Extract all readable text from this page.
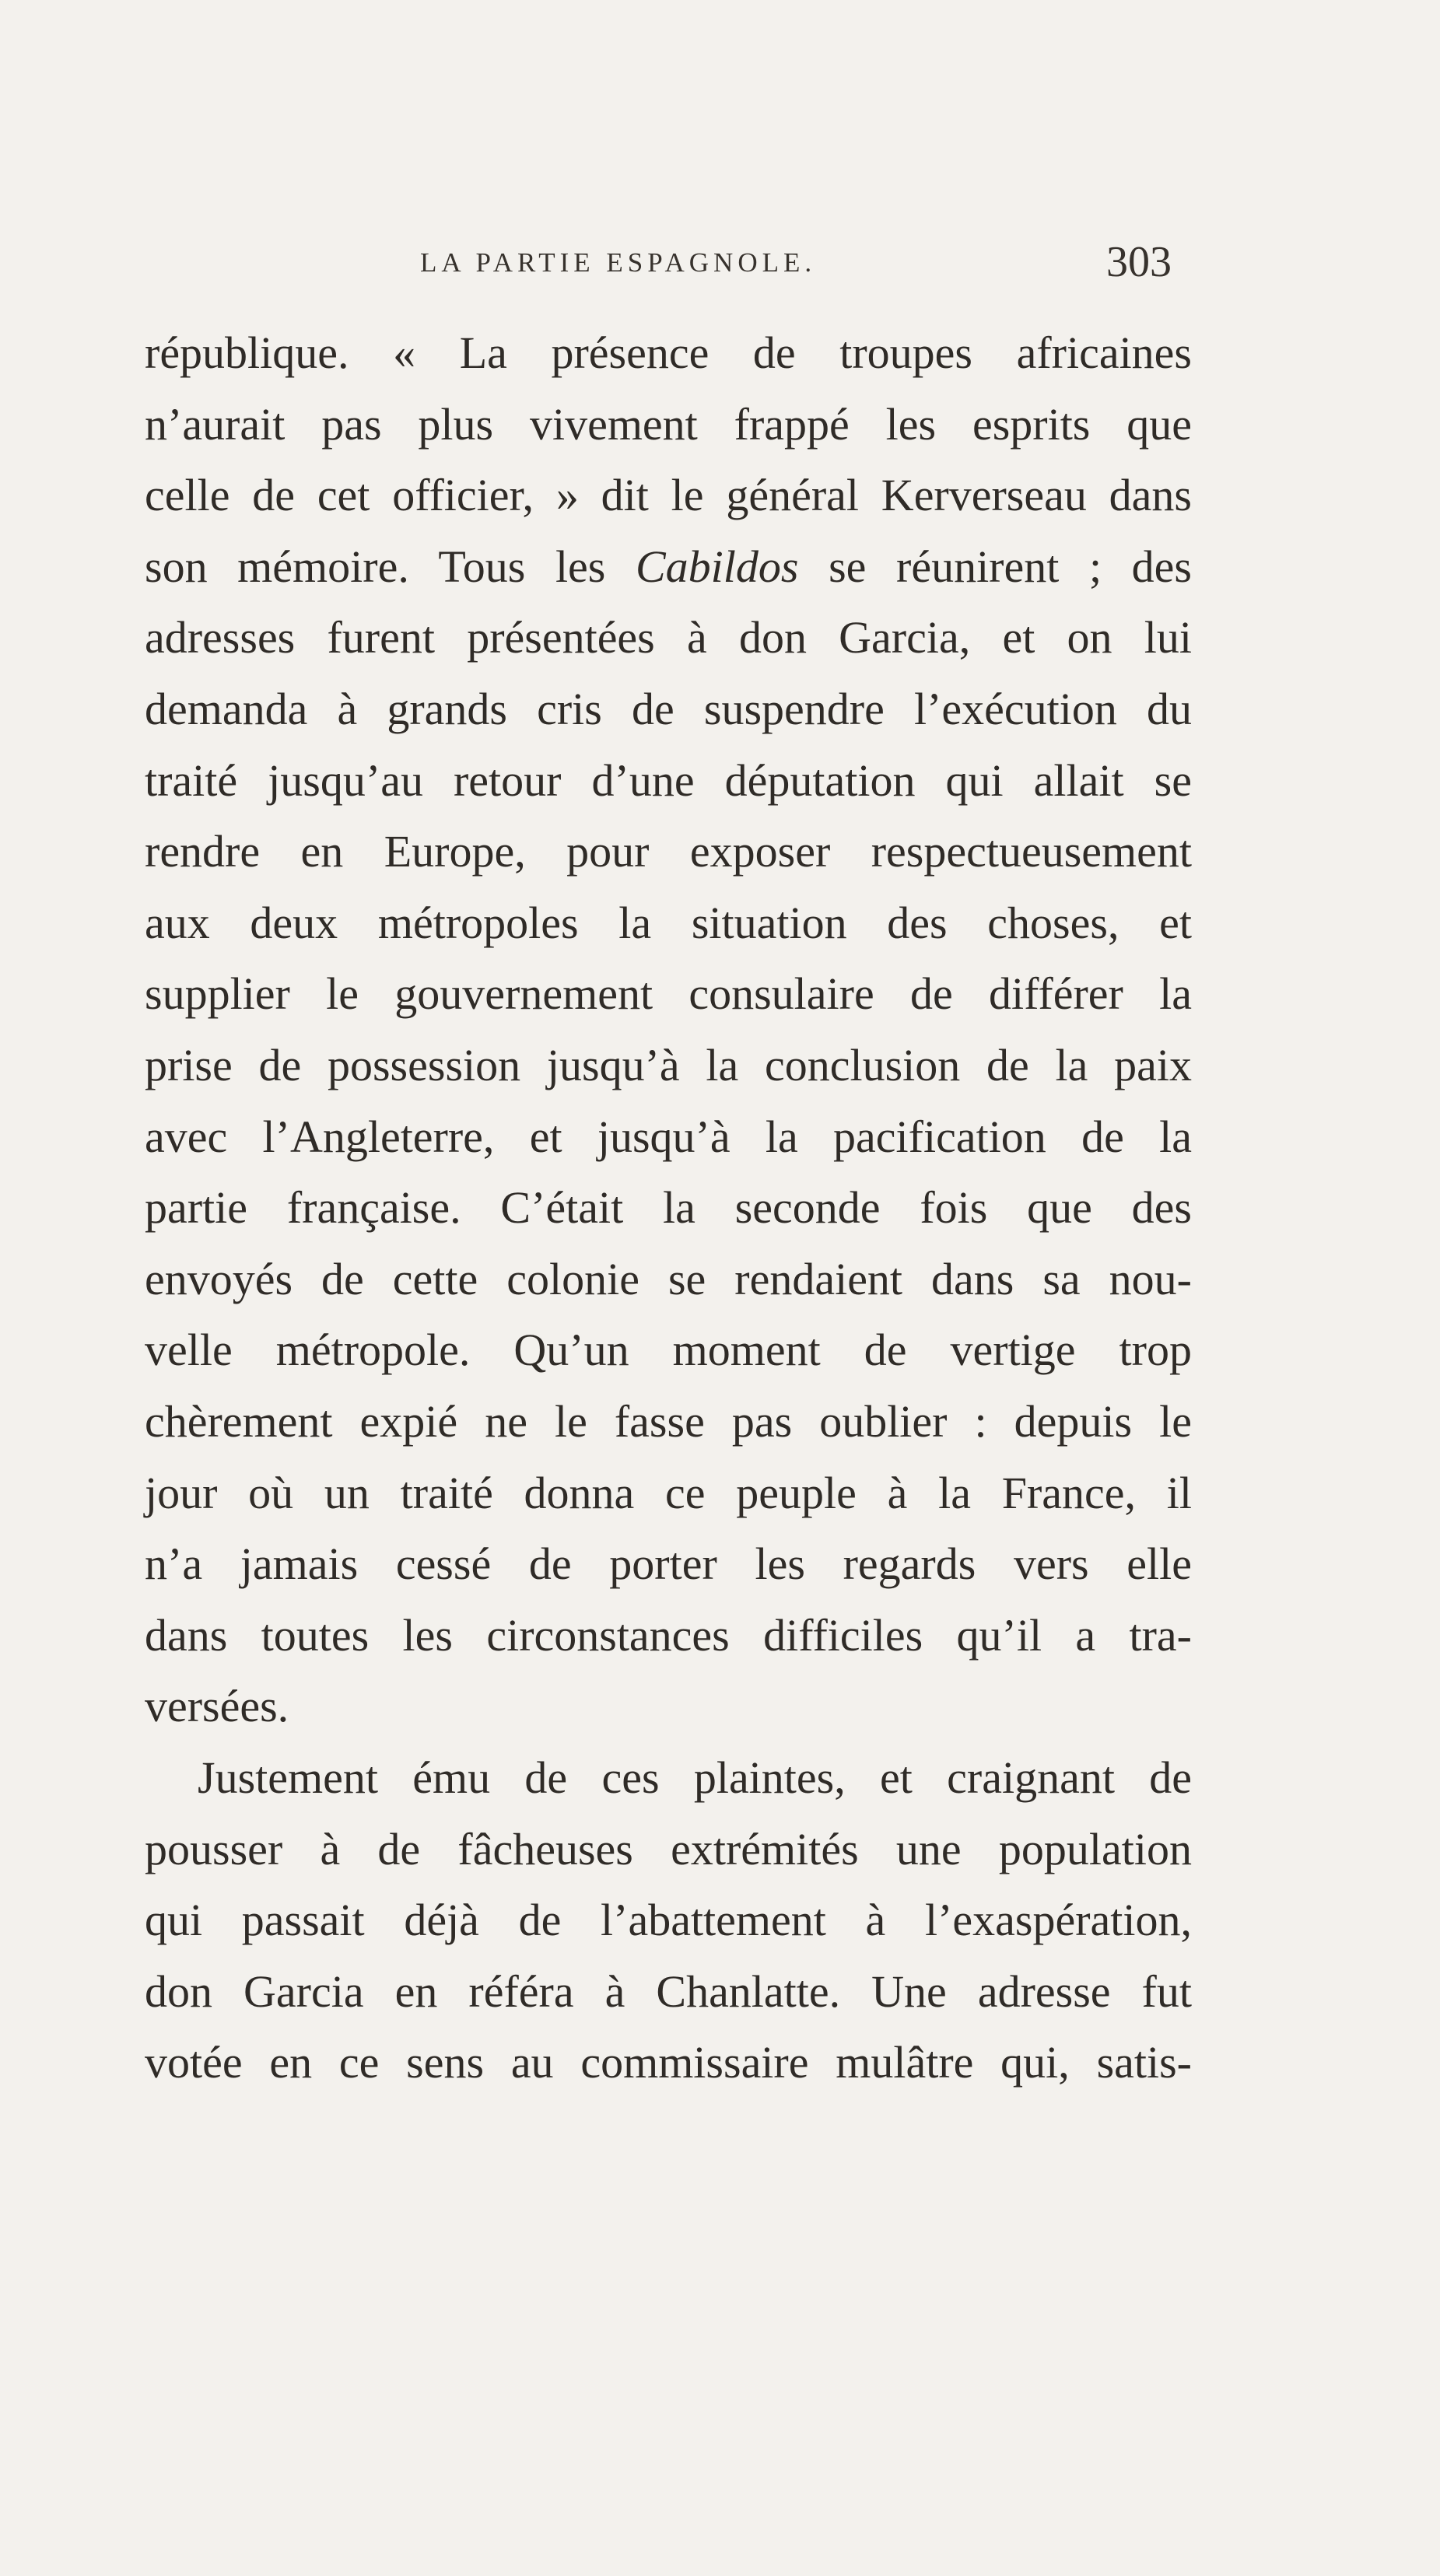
LA PARTIE ESPAGNOLE.	303
république. « La présence de troupes africaines
n’aurait pas plus vivement frappé les esprits que
celle de cet officier, » dit le général Kerverseau dans
son mémoire. Tous les Cabildos se réunirent ; des
adresses furent présentées à don Garcia, et on lui
demanda à grands cris de suspendre l’exécution du
traité jusqu’au retour d’une députation qui allait se
rendre en Europe, pour exposer respectueusement
aux deux métropoles la situation des choses, et
supplier le gouvernement consulaire de différer la
prise de possession jusqu’à la conclusion de la paix
avec l’Angleterre, et jusqu’à la pacification de la
partie française. C’était la seconde fois que des
envoyés de cette colonie se rendaient dans sa nou-
velle métropole. Qu’un moment de vertige trop
chèrement expié ne le fasse pas oublier : depuis le
jour où un traité donna ce peuple à la France, il
n’a jamais cessé de porter les regards vers elle
dans toutes les circonstances difficiles qu’il a tra-
versées.
Justement ému de ces plaintes, et craignant de
pousser à de fâcheuses extrémités une population
qui passait déjà de l’abattement à l’exaspération,
don Garcia en référa à Chanlatte. Une adresse fut
votée en ce sens au commissaire mulâtre qui, satis-
